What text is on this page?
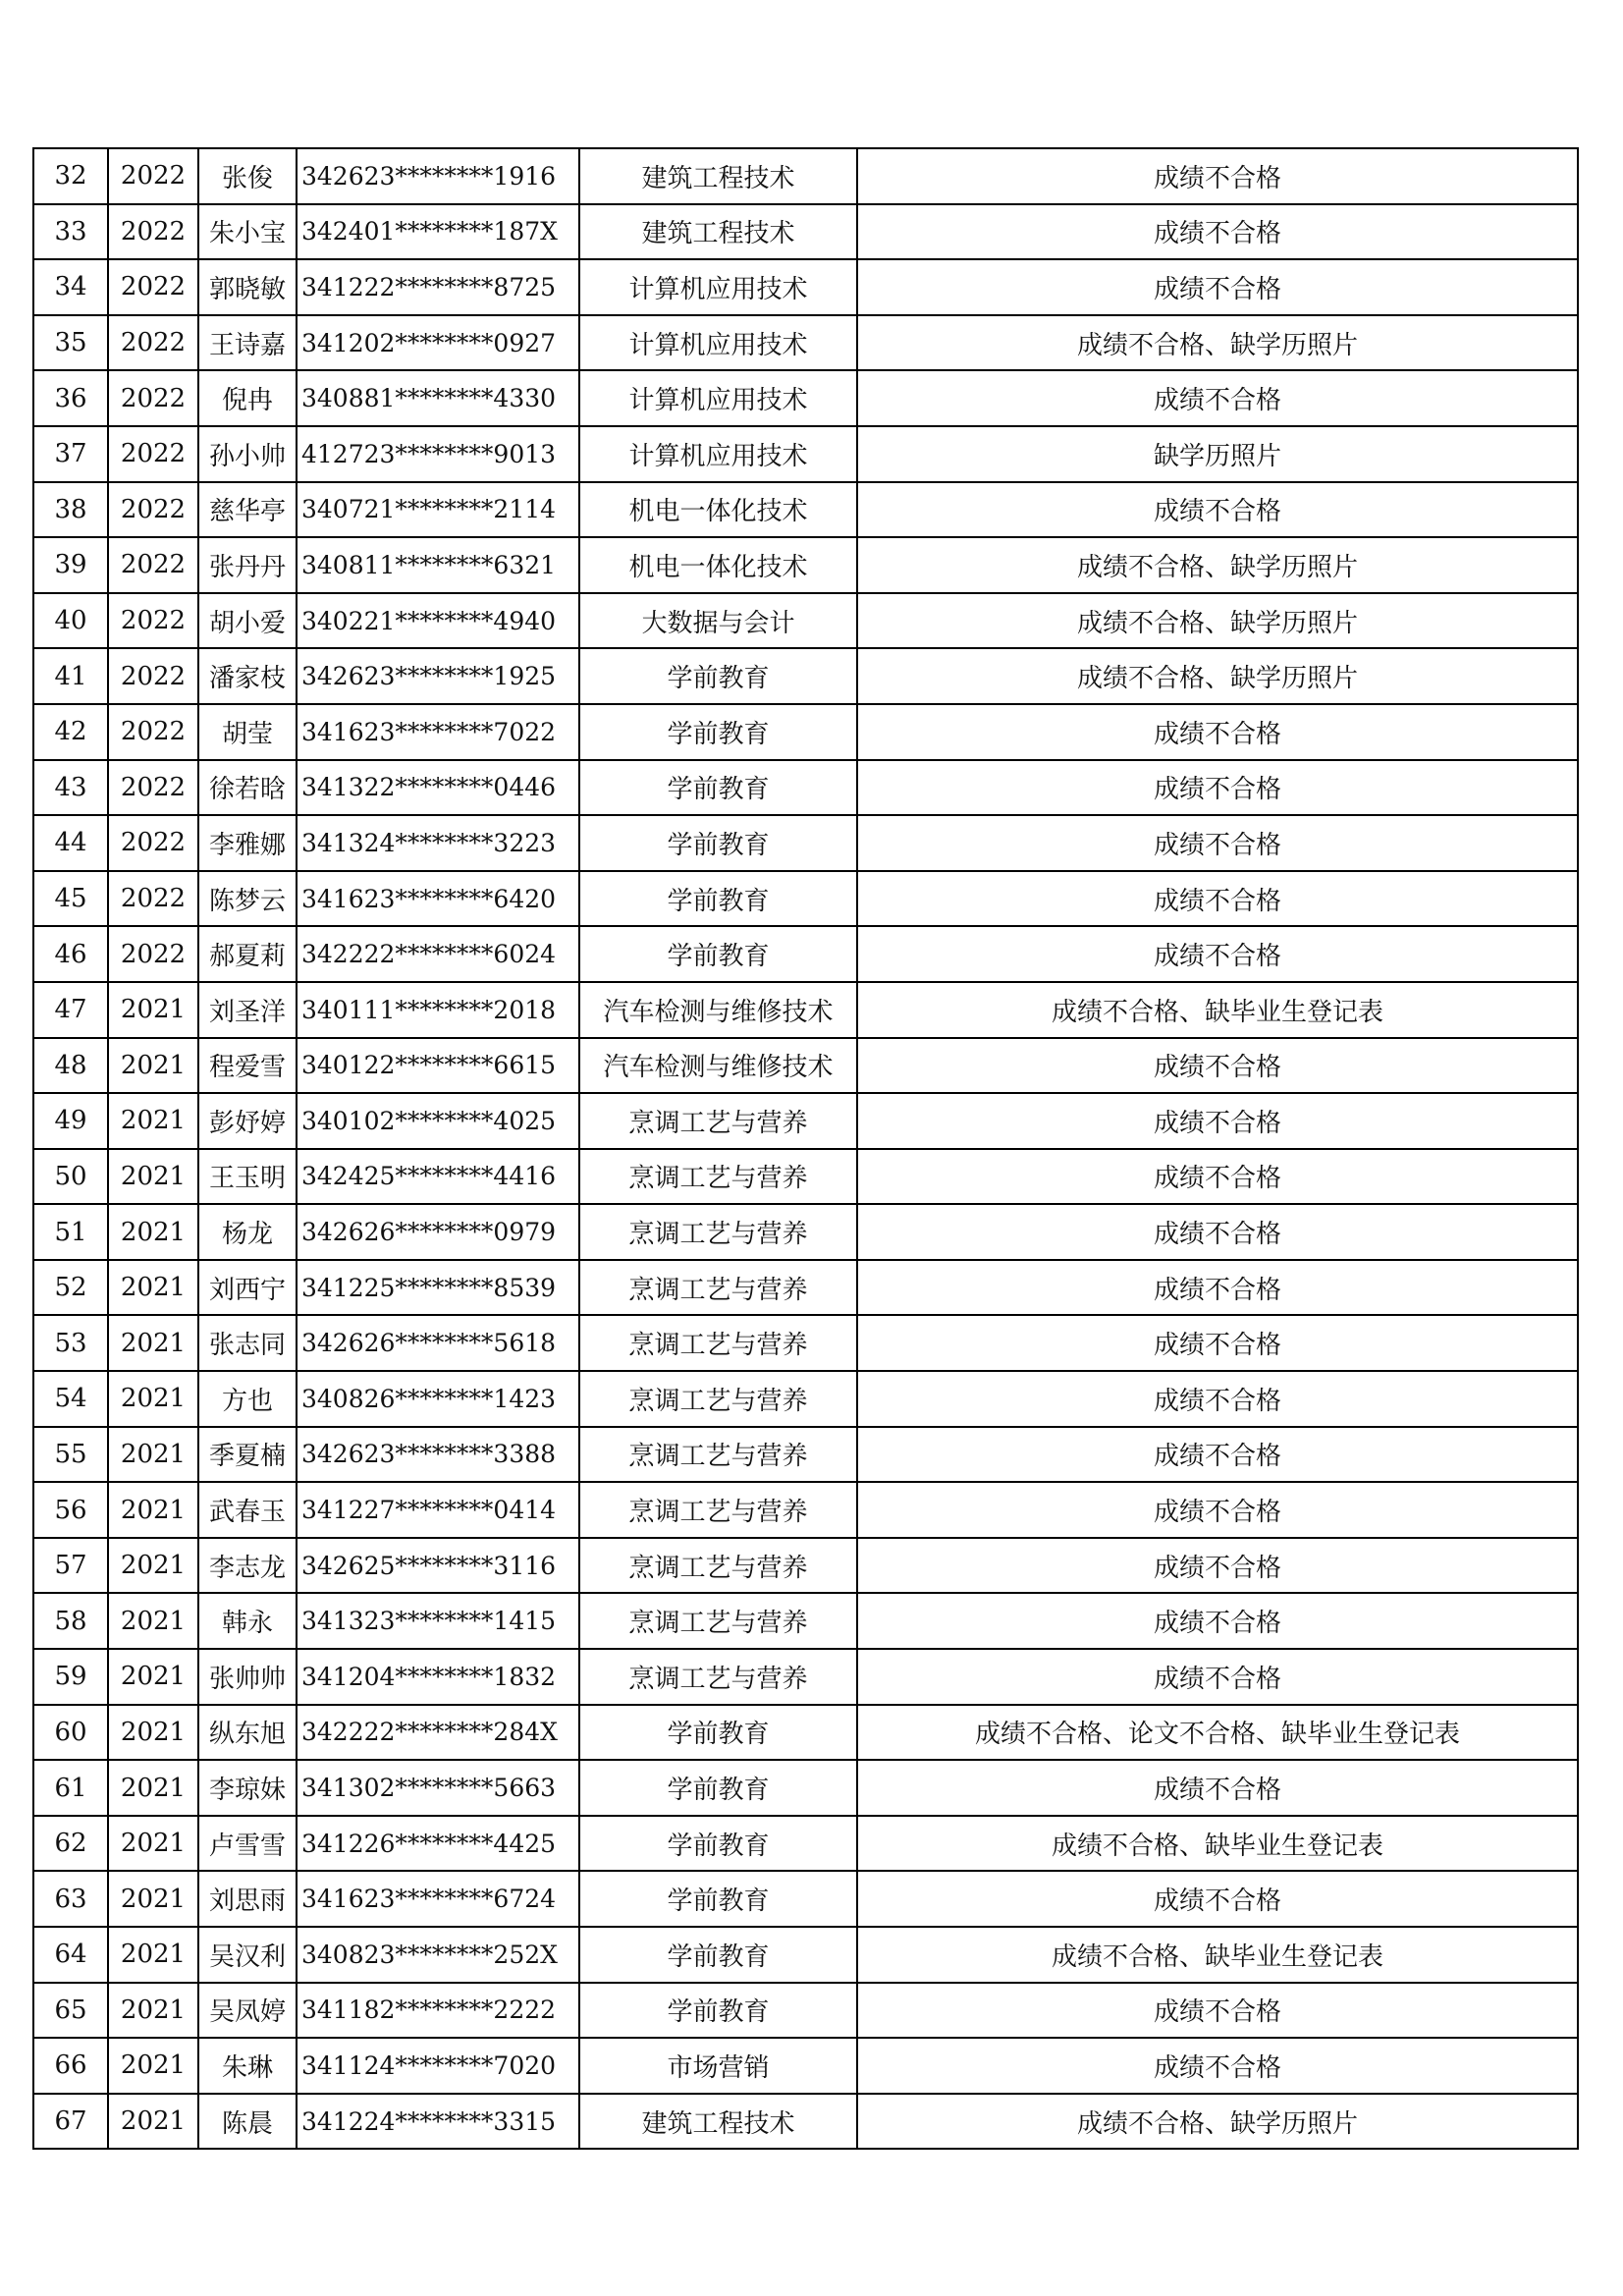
32	2022	张俊	342623********1916	建筑工程技术	成绩不合格
33	2022	朱小宝	342401********187X	建筑工程技术	成绩不合格
34	2022	郭晓敏	341222********8725	计算机应用技术	成绩不合格
35	2022	王诗嘉	341202********0927	计算机应用技术	成绩不合格、缺学历照片
36	2022	倪冉	340881********4330	计算机应用技术	成绩不合格
37	2022	孙小帅	412723********9013	计算机应用技术	缺学历照片
38	2022	慈华亭	340721********2114	机电一体化技术	成绩不合格
39	2022	张丹丹	340811********6321	机电一体化技术	成绩不合格、缺学历照片
40	2022	胡小爱	340221********4940	大数据与会计	成绩不合格、缺学历照片
41	2022	潘家枝	342623********1925	学前教育	成绩不合格、缺学历照片
42	2022	胡莹	341623********7022	学前教育	成绩不合格
43	2022	徐若晗	341322********0446	学前教育	成绩不合格
44	2022	李雅娜	341324********3223	学前教育	成绩不合格
45	2022	陈梦云	341623********6420	学前教育	成绩不合格
46	2022	郝夏莉	342222********6024	学前教育	成绩不合格
47	2021	刘圣洋	340111********2018	汽车检测与维修技术	成绩不合格、缺毕业生登记表
48	2021	程爱雪	340122********6615	汽车检测与维修技术	成绩不合格
49	2021	彭妤婷	340102********4025	烹调工艺与营养	成绩不合格
50	2021	王玉明	342425********4416	烹调工艺与营养	成绩不合格
51	2021	杨龙	342626********0979	烹调工艺与营养	成绩不合格
52	2021	刘西宁	341225********8539	烹调工艺与营养	成绩不合格
53	2021	张志同	342626********5618	烹调工艺与营养	成绩不合格
54	2021	方也	340826********1423	烹调工艺与营养	成绩不合格
55	2021	季夏楠	342623********3388	烹调工艺与营养	成绩不合格
56	2021	武春玉	341227********0414	烹调工艺与营养	成绩不合格
57	2021	李志龙	342625********3116	烹调工艺与营养	成绩不合格
58	2021	韩永	341323********1415	烹调工艺与营养	成绩不合格
59	2021	张帅帅	341204********1832	烹调工艺与营养	成绩不合格
60	2021	纵东旭	342222********284X	学前教育	成绩不合格、论文不合格、缺毕业生登记表
61	2021	李琼妹	341302********5663	学前教育	成绩不合格
62	2021	卢雪雪	341226********4425	学前教育	成绩不合格、缺毕业生登记表
63	2021	刘思雨	341623********6724	学前教育	成绩不合格
64	2021	吴汉利	340823********252X	学前教育	成绩不合格、缺毕业生登记表
65	2021	吴凤婷	341182********2222	学前教育	成绩不合格
66	2021	朱琳	341124********7020	市场营销	成绩不合格
67	2021	陈晨	341224********3315	建筑工程技术	成绩不合格、缺学历照片
